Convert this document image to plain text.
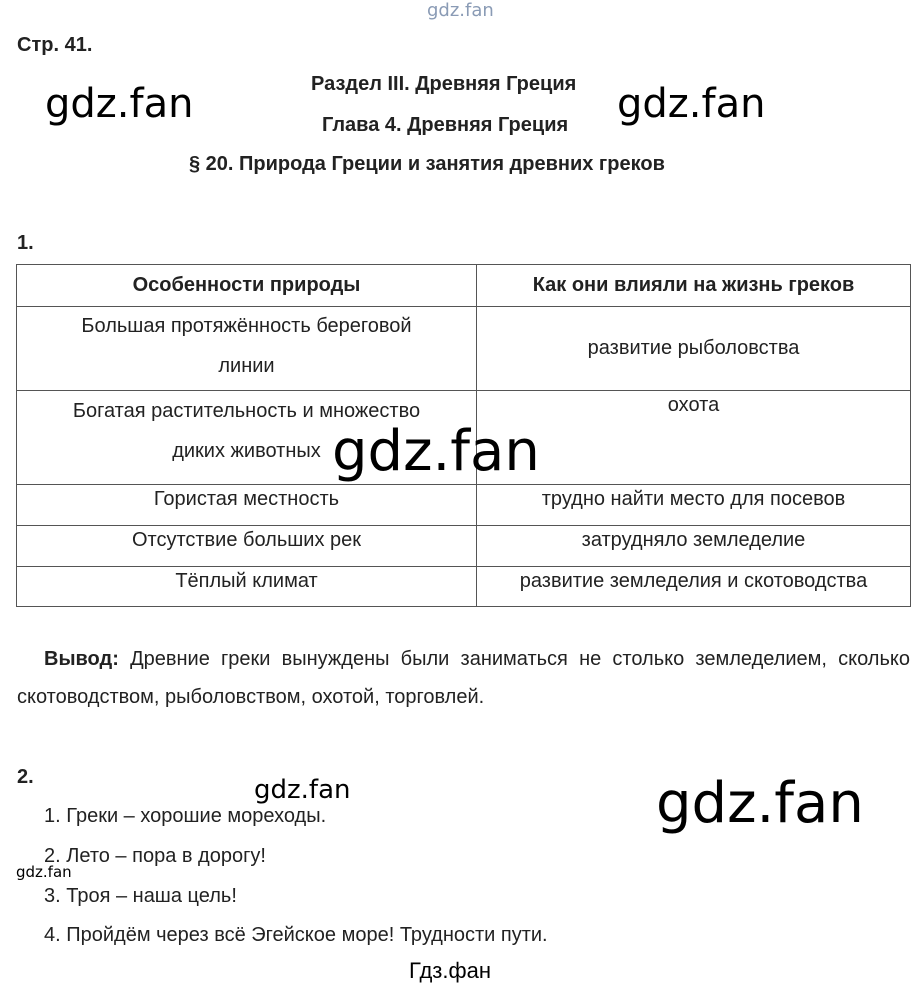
gdz.fan
gdz.fan	gdz.fan
Стр. 41.
Раздел III. Древняя Греция
Глава 4. Древняя Греция
§ 20. Природа Греции и занятия древних греков
1.
Особенности природы	Как они влияли на жизнь греков

Большая протяжённость береговой линии	развитие рыболовства

Богатая растительность и множество диких животных	охота

Гористая местность	трудно найти место для посевов

Отсутствие больших рек	затрудняло земледелие

Тёплый климат	развитие земледелия и скотоводства
gdz.fan
Вывод: Древние греки вынуждены были заниматься не столько земледелием, сколько скотоводством, рыболовством, охотой, торговлей.
2.	gdz.fan	gdz.fan
1. Греки – хорошие мореходы.
2. Лето – пора в дорогу!
gdz.fan
3. Троя – наша цель!
4. Пройдём через всё Эгейское море! Трудности пути.
Гдз.фан
